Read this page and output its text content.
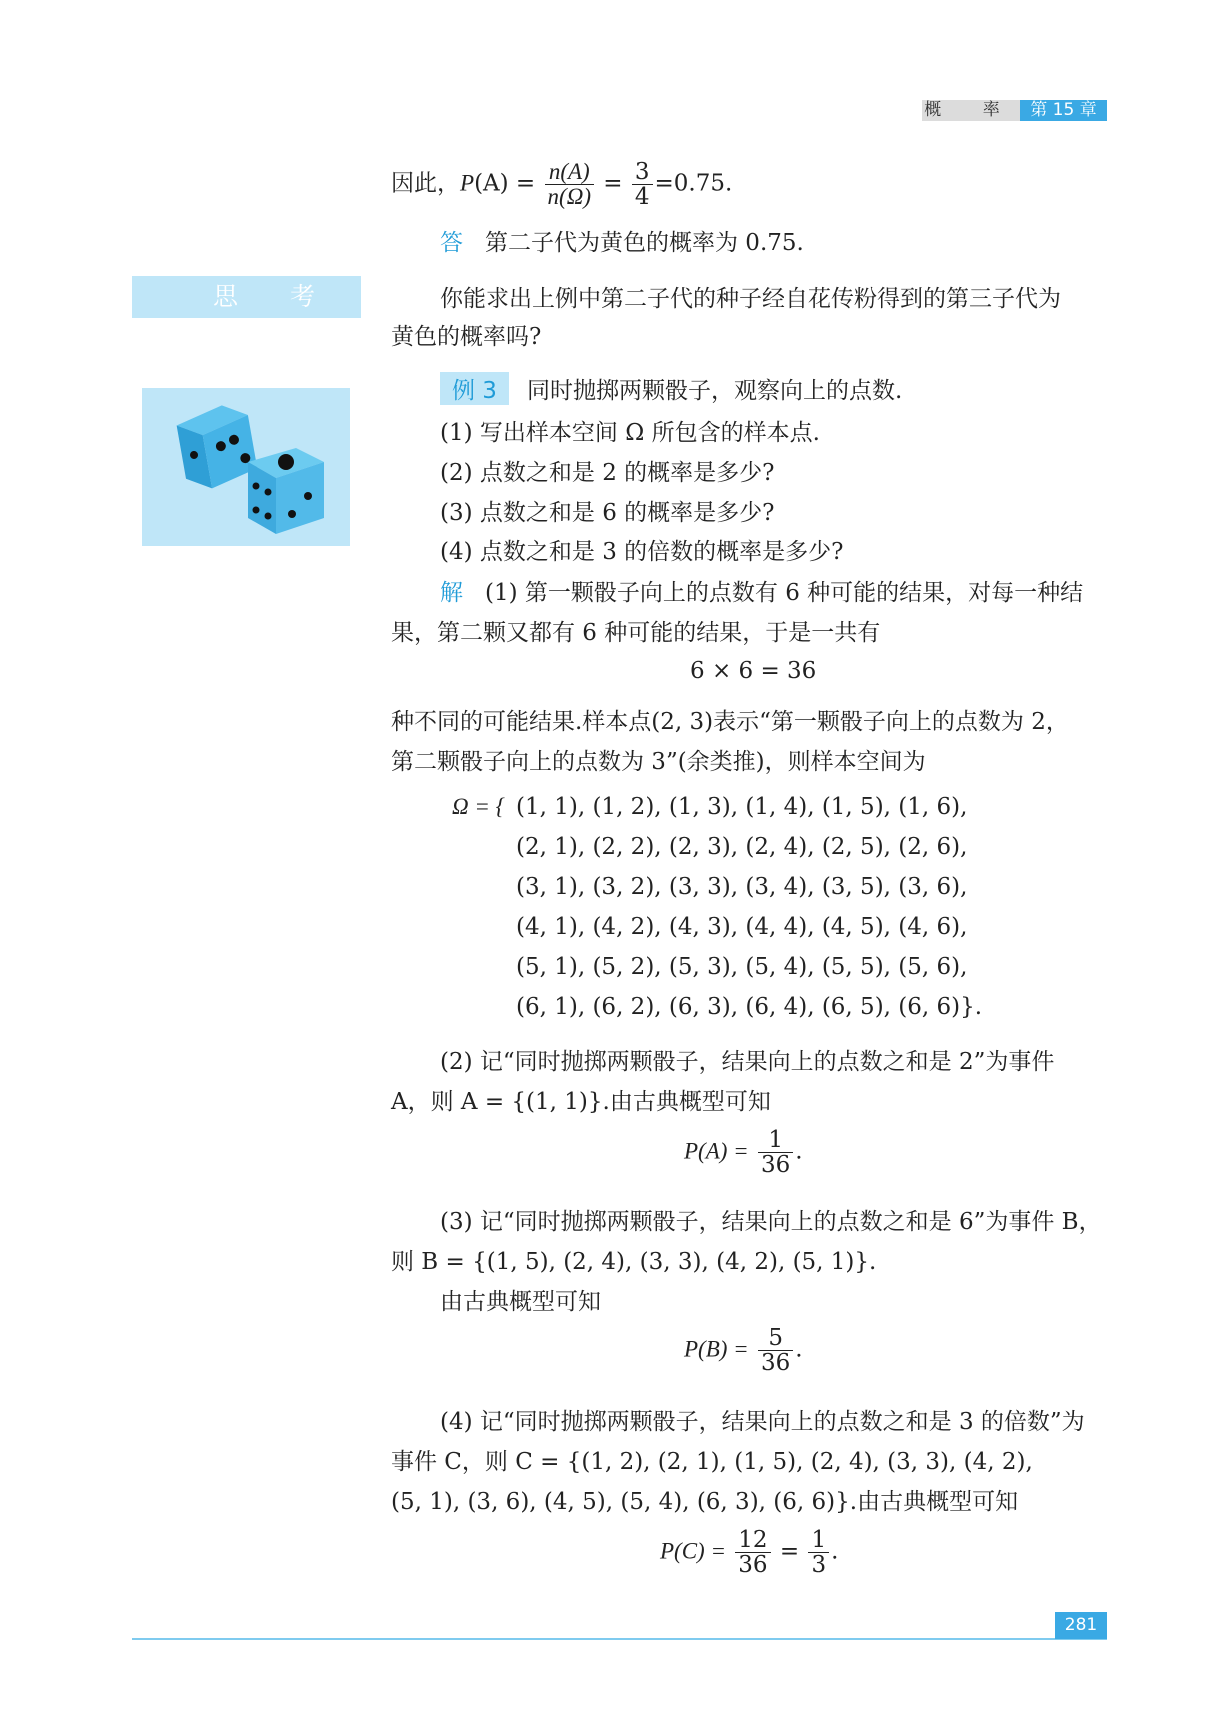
概 率 第 15 章
因此，$P(A) = \frac{n(A)}{n(\Omega)} = \frac{3}{4} =0.75$.
答 第二子代为黄色的概率为 0.75.
思 考	你能求出上例中第二子代的种子经自花传粉得到的第三子代为
黄色的概率吗?
例 3 同时抛掷两颗骰子，观察向上的点数.
(1) 写出样本空间 Ω 所包含的样本点.
(2) 点数之和是 2 的概率是多少?
(3) 点数之和是 6 的概率是多少?
(4) 点数之和是 3 的倍数的概率是多少?
解 (1) 第一颗骰子向上的点数有 6 种可能的结果，对每一种结
果，第二颗又都有 6 种可能的结果，于是一共有
6 × 6 = 36
种不同的可能结果.样本点(2, 3)表示“第一颗骰子向上的点数为 2，
第二颗骰子向上的点数为 3”(余类推)，则样本空间为
Ω = { (1, 1), (1, 2), (1, 3), (1, 4), (1, 5), (1, 6),
(2, 1), (2, 2), (2, 3), (2, 4), (2, 5), (2, 6),
(3, 1), (3, 2), (3, 3), (3, 4), (3, 5), (3, 6),
(4, 1), (4, 2), (4, 3), (4, 4), (4, 5), (4, 6),
(5, 1), (5, 2), (5, 3), (5, 4), (5, 5), (5, 6),
(6, 1), (6, 2), (6, 3), (6, 4), (6, 5), (6, 6)}.
(2) 记“同时抛掷两颗骰子，结果向上的点数之和是 2”为事件
A，则 A = {(1, 1)}.由古典概型可知
$P(A) = \frac{1}{36}$ .
(3) 记“同时抛掷两颗骰子，结果向上的点数之和是 6”为事件 B，
则 B = {(1, 5), (2, 4), (3, 3), (4, 2), (5, 1)}.
由古典概型可知
$P(B) = \frac{5}{36}$ .
(4) 记“同时抛掷两颗骰子，结果向上的点数之和是 3 的倍数”为
事件 C，则 C = {(1, 2), (2, 1), (1, 5), (2, 4), (3, 3), (4, 2),
(5, 1), (3, 6), (4, 5), (5, 4), (6, 3), (6, 6)}.由古典概型可知
$P(C) = \frac{12}{36} = \frac{1}{3}$ .
281
